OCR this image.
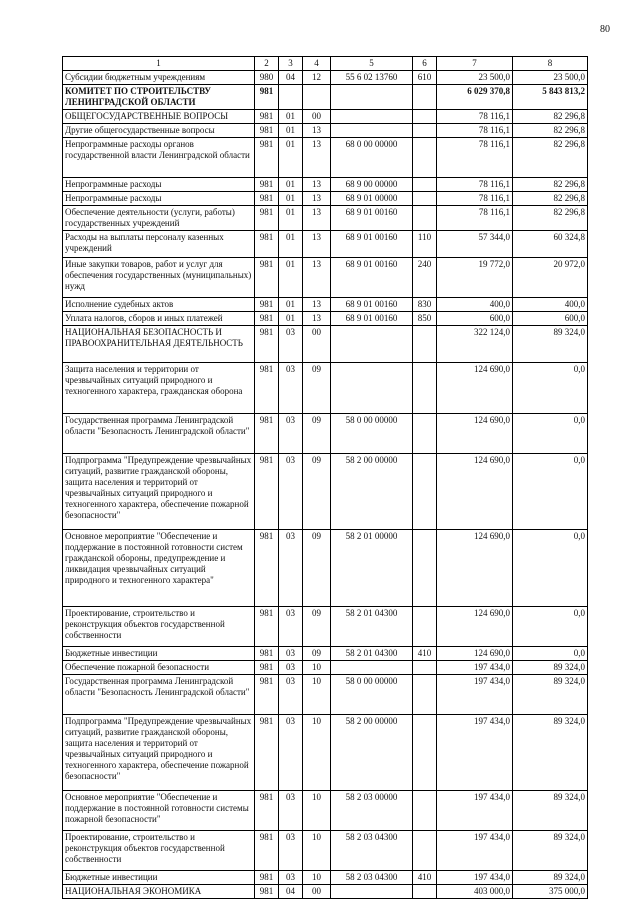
80
1	2	3	4	5	6	7	8
Субсидии бюджетным учреждениям	980	04	12	55 6 02 13760	610	23 500,0	23 500,0
КОМИТЕТ ПО СТРОИТЕЛЬСТВУ ЛЕНИНГРАДСКОЙ ОБЛАСТИ	981					6 029 370,8	5 843 813,2
ОБЩЕГОСУДАРСТВЕННЫЕ ВОПРОСЫ	981	01	00			78 116,1	82 296,8
Другие общегосударственные вопросы	981	01	13			78 116,1	82 296,8
Непрограммные расходы органов государственной власти Ленинградской области	981	01	13	68 0 00 00000		78 116,1	82 296,8
Непрограммные расходы	981	01	13	68 9 00 00000		78 116,1	82 296,8
Непрограммные расходы	981	01	13	68 9 01 00000		78 116,1	82 296,8
Обеспечение деятельности (услуги, работы) государственных учреждений	981	01	13	68 9 01 00160		78 116,1	82 296,8
Расходы на выплаты персоналу казенных учреждений	981	01	13	68 9 01 00160	110	57 344,0	60 324,8
Иные закупки товаров, работ и услуг для обеспечения государственных (муниципальных) нужд	981	01	13	68 9 01 00160	240	19 772,0	20 972,0
Исполнение судебных актов	981	01	13	68 9 01 00160	830	400,0	400,0
Уплата налогов, сборов и иных платежей	981	01	13	68 9 01 00160	850	600,0	600,0
НАЦИОНАЛЬНАЯ БЕЗОПАСНОСТЬ И ПРАВООХРАНИТЕЛЬНАЯ ДЕЯТЕЛЬНОСТЬ	981	03	00			322 124,0	89 324,0
Защита населения и территории от чрезвычайных ситуаций природного и техногенного характера, гражданская оборона	981	03	09			124 690,0	0,0
Государственная программа Ленинградской области "Безопасность Ленинградской области"	981	03	09	58 0 00 00000		124 690,0	0,0
Подпрограмма "Предупреждение чрезвычайных ситуаций, развитие гражданской обороны, защита населения и территорий от чрезвычайных ситуаций природного и техногенного характера, обеспечение пожарной безопасности"	981	03	09	58 2 00 00000		124 690,0	0,0
Основное мероприятие "Обеспечение и поддержание в постоянной готовности систем гражданской обороны, предупреждение и ликвидация чрезвычайных ситуаций природного и техногенного характера"	981	03	09	58 2 01 00000		124 690,0	0,0
Проектирование, строительство и реконструкция объектов государственной собственности	981	03	09	58 2 01 04300		124 690,0	0,0
Бюджетные инвестиции	981	03	09	58 2 01 04300	410	124 690,0	0,0
Обеспечение пожарной безопасности	981	03	10			197 434,0	89 324,0
Государственная программа Ленинградской области "Безопасность Ленинградской области"	981	03	10	58 0 00 00000		197 434,0	89 324,0
Подпрограмма "Предупреждение чрезвычайных ситуаций, развитие гражданской обороны, защита населения и территорий от чрезвычайных ситуаций природного и техногенного характера, обеспечение пожарной безопасности"	981	03	10	58 2 00 00000		197 434,0	89 324,0
Основное мероприятие "Обеспечение и поддержание в постоянной готовности системы пожарной безопасности"	981	03	10	58 2 03 00000		197 434,0	89 324,0
Проектирование, строительство и реконструкция объектов государственной собственности	981	03	10	58 2 03 04300		197 434,0	89 324,0
Бюджетные инвестиции	981	03	10	58 2 03 04300	410	197 434,0	89 324,0
НАЦИОНАЛЬНАЯ ЭКОНОМИКА	981	04	00			403 000,0	375 000,0
